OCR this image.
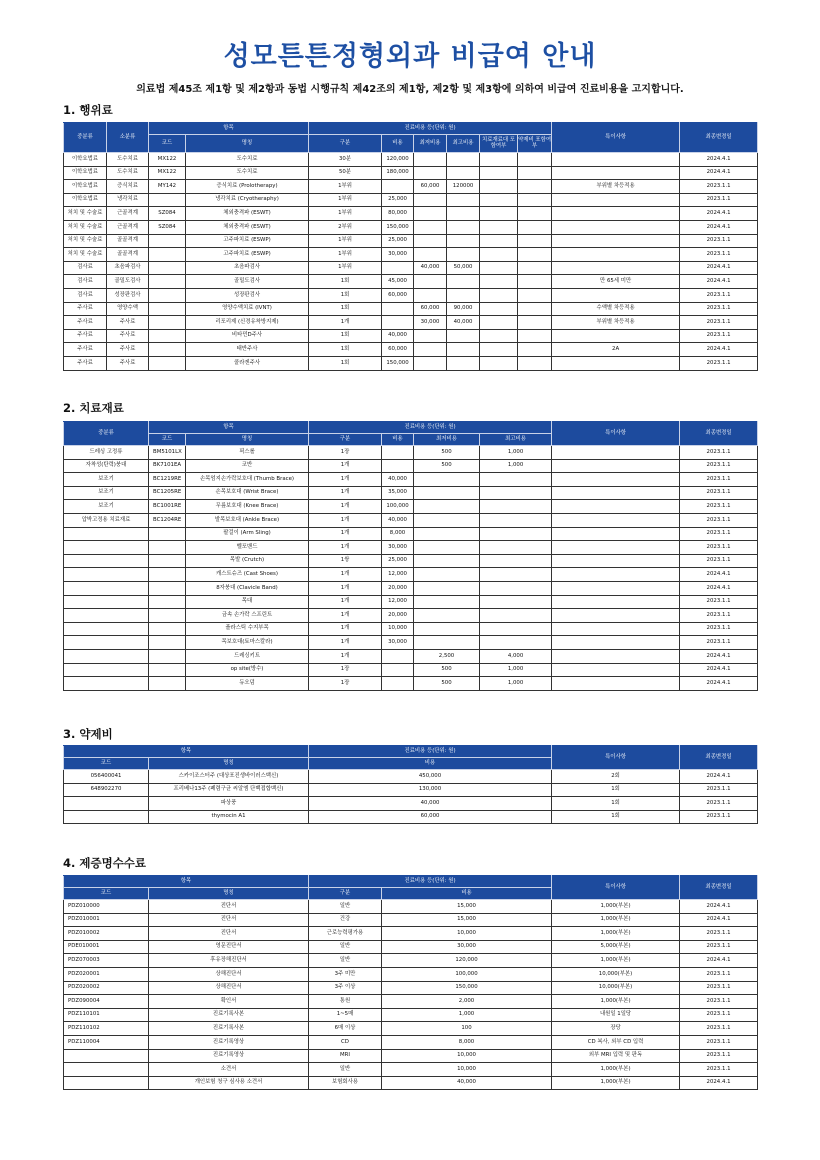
성모튼튼정형외과 비급여 안내
의료법 제45조 제1항 및 제2항과 동법 시행규칙 제42조의 제1항, 제2항 및 제3항에 의하여 비급여 진료비용을 고지합니다.
1. 행위료
중분류	소분류	항목		진료비용 등(단위: 원)						특이사항	최종변경일
		코드	명칭	구분	비용	최저비용	최고비용	치료재료대 포함여부	약제비 포함여부		
이학요법료	도수치료	MX122	도수치료	30분	120,000						2024.4.1
이학요법료	도수치료	MX122	도수치료	50분	180,000						2024.4.1
이학요법료	증식치료	MY142	증식치료 (Prolotherapy)	1부위		60,000	120000			부위별 차등적용	2023.1.1
이학요법료	냉각치료		냉각치료 (Cryotheraphy)	1부위	25,000						2023.1.1
처치 및 수술료	근골격계	SZ084	체외충격파 (ESWT)	1부위	80,000						2024.4.1
처치 및 수술료	근골격계	SZ084	체외충격파 (ESWT)	2부위	150,000						2024.4.1
처치 및 수술료	골골격계		고주파치료 (ESWP)	1부위	25,000						2023.1.1
처치 및 수술료	골골격계		고주파치료 (ESWP)	1부위	30,000						2023.1.1
검사료	초음파검사		초음파검사	1부위		40,000	50,000				2024.4.1
검사료	골밀도검사		골밀도검사	1회	45,000					만 65세 미만	2024.4.1
검사료	성장판검사		성장판검사	1회	60,000						2023.1.1
주사료	영양수액		영양수액치료 (IVNT)	1회		60,000	90,000			수액별 차등적용	2023.1.1
주사료	주사료		리포리제 (신경유착방지제)	1개		30,000	40,000			부위별 차등적용	2023.1.1
주사료	주사료		비타민D주사	1회	40,000						2023.1.1
주사료	주사료		태반주사	1회	60,000					2A	2024.4.1
주사료	주사료		콜라겐주사	1회	150,000						2023.1.1
2. 치료재료
중분류	항목		진료비용 등(단위: 원)				특이사항	최종변경일
	코드	명칭	구분	비용	최저비용	최고비용		
드레싱 고정류	BM5101LX	픽스롤	1장		500	1,000		2023.1.1
자착성(탄력)붕대	BK7101EA	코반	1개		500	1,000		2023.1.1
보조기	BC1219RE	손목엄지손가락보호대 (Thumb Brace)	1개	40,000				2023.1.1
보조기	BC1205RE	손목보호대 (Wrist Brace)	1개	35,000				2023.1.1
보조기	BC1001RE	무릎보호대 (Knee Brace)	1개	100,000				2023.1.1
압박고정용 치료재료	BC1204RE	발목보호대 (Ankle Brace)	1개	40,000				2023.1.1
		팔걸이 (Arm Sling)	1개	8,000				2023.1.1
		벨포밴드	1개	30,000				2023.1.1
		목발 (Crutch)	1쌍	25,000				2023.1.1
		캐스트슈즈 (Cast Shoes)	1개	12,000				2024.4.1
		8자붕대 (Clavicle Band)	1개	20,000				2024.4.1
		목대	1개	12,000				2023.1.1
		금속 손가락 스프린트	1개	20,000				2023.1.1
		플라스틱 수지부목	1개	10,000				2023.1.1
		목보호대(토마스칼라)	1개	30,000				2023.1.1
		드레싱키트	1개		2,500	4,000		2024.4.1
		op site(방수)	1장		500	1,000		2024.4.1
		듀오덤	1장		500	1,000		2024.4.1
3. 약제비
항목		진료비용 등(단위: 원)	특이사항	최종변경일
코드	명칭	비용		
056400041	스카이조스터주 (대상포진생바이러스백신)	450,000	2회	2024.4.1
648902270	프리베나13주 (폐렴구균 씨알엠 단백접합백신)	130,000	1회	2023.1.1
	파상풍	40,000	1회	2023.1.1
	thymocin A1	60,000	1회	2023.1.1
4. 제증명수수료
항목		진료비용 등(단위: 원)		특이사항	최종변경일
코드	명칭	구분	비용		
PDZ010000	진단서	일반	15,000	1,000(부본)	2024.4.1
PDZ010001	진단서	건강	15,000	1,000(부본)	2024.4.1
PDZ010002	진단서	근로능력평가용	10,000	1,000(부본)	2023.1.1
PDE010001	영문진단서	일반	30,000	5,000(부본)	2023.1.1
PDZ070003	후유장해진단서	일반	120,000	1,000(부본)	2024.4.1
PDZ020001	상해진단서	3주 미만	100,000	10,000(부본)	2023.1.1
PDZ020002	상해진단서	3주 이상	150,000	10,000(부본)	2023.1.1
PDZ090004	확인서	통원	2,000	1,000(부본)	2023.1.1
PDZ110101	진료기록사본	1~5매	1,000	내원일 1일당	2023.1.1
PDZ110102	진료기록사본	6매 이상	100	장당	2023.1.1
PDZ110004	진료기록영상	CD	8,000	CD 복사, 외부 CD 입력	2023.1.1
	진료기록영상	MRI	10,000	외부 MRI 입력 및 판독	2023.1.1
	소견서	일반	10,000	1,000(부본)	2023.1.1
	개인보험 청구 심사용 소견서	보험회사용	40,000	1,000(부본)	2024.4.1
